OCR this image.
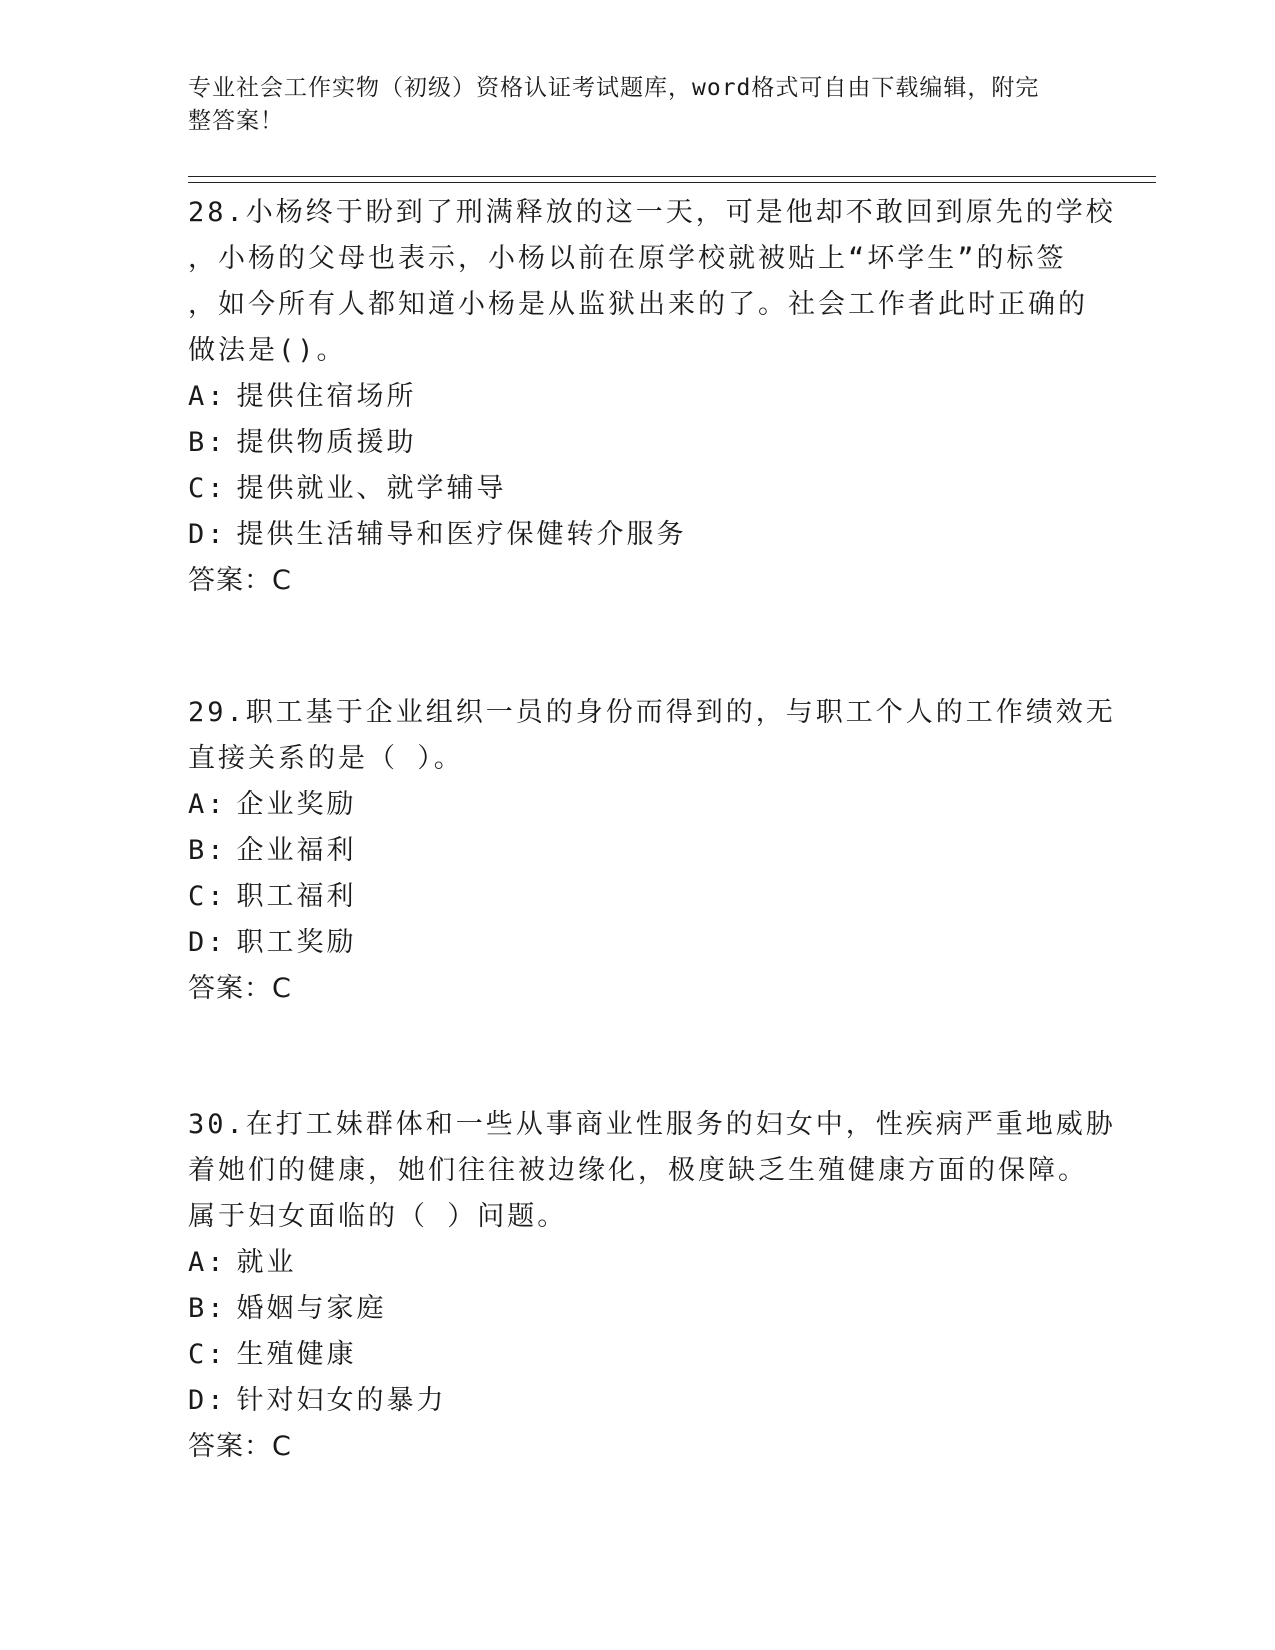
专业社会工作实物（初级）资格认证考试题库，word格式可自由下载编辑，附完
整答案！
28.小杨终于盼到了刑满释放的这一天，可是他却不敢回到原先的学校
，小杨的父母也表示，小杨以前在原学校就被贴上“坏学生”的标签
，如今所有人都知道小杨是从监狱出来的了。社会工作者此时正确的
做法是()。
A: 提供住宿场所
B: 提供物质援助
C: 提供就业、就学辅导
D: 提供生活辅导和医疗保健转介服务
答案：C
29.职工基于企业组织一员的身份而得到的，与职工个人的工作绩效无
直接关系的是（ ）。
A: 企业奖励
B: 企业福利
C: 职工福利
D: 职工奖励
答案：C
30.在打工妹群体和一些从事商业性服务的妇女中，性疾病严重地威胁
着她们的健康，她们往往被边缘化，极度缺乏生殖健康方面的保障。
属于妇女面临的（ ）问题。
A: 就业
B: 婚姻与家庭
C: 生殖健康
D: 针对妇女的暴力
答案：C
